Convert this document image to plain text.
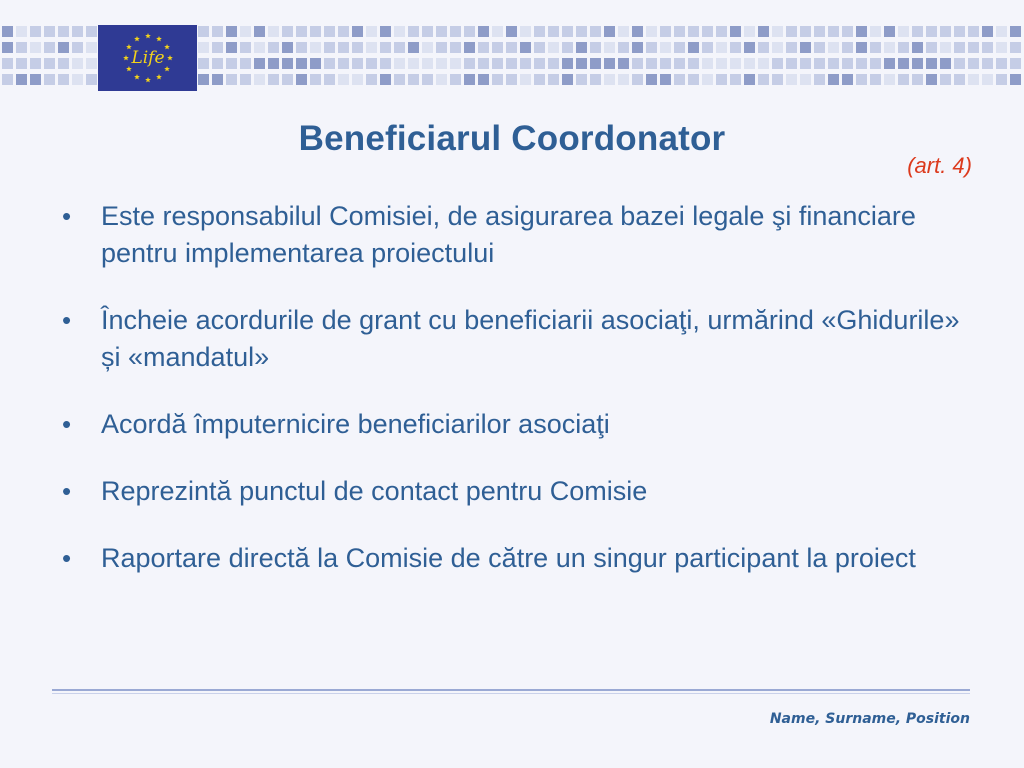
Life
Beneficiarul Coordonator
(art. 4)
• Este responsabilul Comisiei, de asigurarea bazei legale şi financiare pentru implementarea proiectului
• Încheie acordurile de grant cu beneficiarii asociaţi, urmărind «Ghidurile» și «mandatul»
• Acordă împuternicire beneficiarilor asociaţi
• Reprezintă punctul de contact pentru Comisie
• Raportare directă la Comisie de către un singur participant la proiect
Name, Surname, Position
